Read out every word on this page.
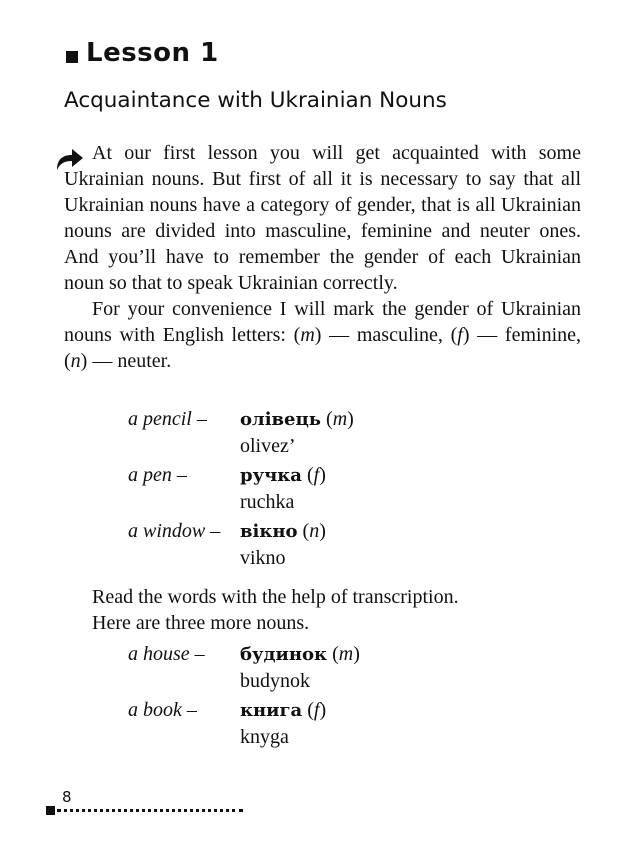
Lesson 1
Acquaintance with Ukrainian Nouns

At our first lesson you will get acquainted with some Ukrainian nouns. But first of all it is necessary to say that all Ukrainian nouns have a category of gender, that is all Ukrainian nouns are divided into masculine, feminine and neuter ones. And you’ll have to remember the gender of each Ukrainian noun so that to speak Ukrainian correctly.

For your convenience I will mark the gender of Ukrainian nouns with English letters: (m) — masculine, (f) — feminine, (n) — neuter.

a pencil – олівець (m)
olivez’
a pen –	ручка (f)
ruchka
a window – вікно (n)
vikno
Read the words with the help of transcription.
Here are three more nouns.
a house – будинок (m)
budynok
a book – книга (f)
knyga
8
